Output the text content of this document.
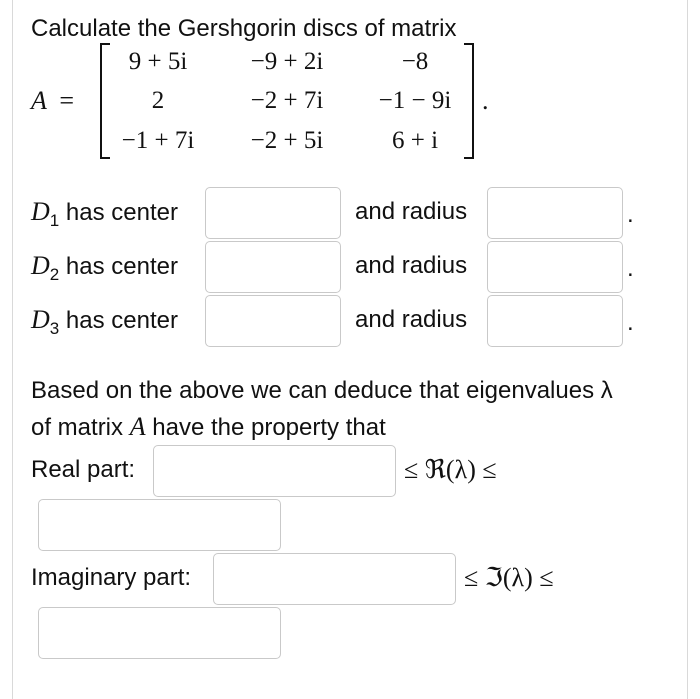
Calculate the Gershgorin discs of matrix
A =
9 + 5i	−9 + 2i	−8
2	−2 + 7i	−1 − 9i
−1 + 7i	−2 + 5i	6 + i
.
$D_1$ has center	and radius	.
$D_2$ has center	and radius	.
$D_3$ has center	and radius	.
Based on the above we can deduce that eigenvalues λ
of matrix A have the property that
Real part:	≤ ℜ(λ) ≤
Imaginary part:	≤ ℑ(λ) ≤
